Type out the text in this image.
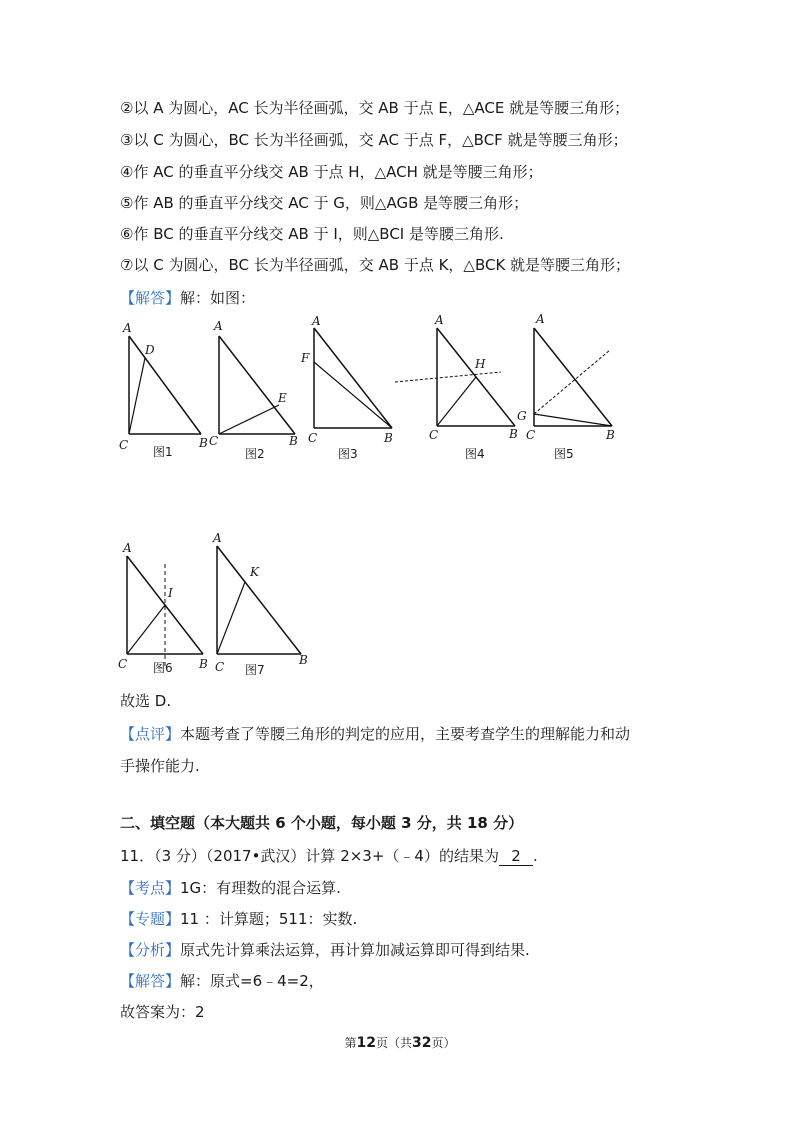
②以 A 为圆心，AC 长为半径画弧，交 AB 于点 E，△ACE 就是等腰三角形；
③以 C 为圆心，BC 长为半径画弧，交 AC 于点 F，△BCF 就是等腰三角形；
④作 AC 的垂直平分线交 AB 于点 H，△ACH 就是等腰三角形；
⑤作 AB 的垂直平分线交 AC 于 G，则△AGB 是等腰三角形；
⑥作 BC 的垂直平分线交 AB 于 I，则△BCI 是等腰三角形.
⑦以 C 为圆心，BC 长为半径画弧，交 AB 于点 K，△BCK 就是等腰三角形；
【解答】解：如图：
A
D
C	B
图1
A
E
C	B
图2
A
F
C	B
图3
A
H
C	B
图4
A
G
C	B
图5
A
I
C	B
图6
A
K
C	B
图7
故选 D.
【点评】本题考查了等腰三角形的判定的应用，主要考查学生的理解能力和动
手操作能力.
二、填空题（本大题共 6 个小题，每小题 3 分，共 18 分）
11．（3 分）（2017•武汉）计算 2×3+（﹣4）的结果为 2 .
【考点】1G：有理数的混合运算.
【专题】11 ：计算题；511：实数.
【分析】原式先计算乘法运算，再计算加减运算即可得到结果.
【解答】解：原式=6﹣4=2，
故答案为：2
第12页（共32页）
